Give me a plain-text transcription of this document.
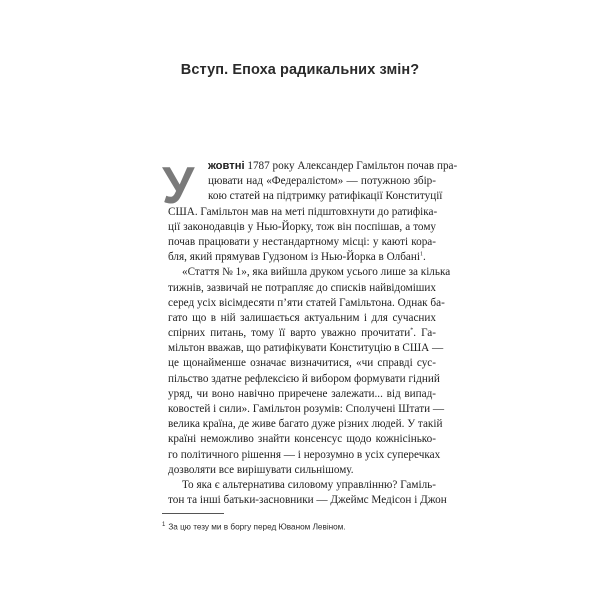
Вступ. Епоха радикальних змін?
У	жовтні 1787 року Александер Гамільтон почав пра-
цювати над «Федералістом» — потужною збір-
кою статей на підтримку ратифікації Конституції
США. Гамільтон мав на меті підштовхнути до ратифіка-
ції законодавців у Нью-Йорку, тож він поспішав, а тому
почав працювати у нестандартному місці: у каюті кора-
бля, який прямував Гудзоном із Нью-Йорка в Олбані$^1$.
«Стаття № 1», яка вийшла друком усього лише за кілька
тижнів, зазвичай не потрапляє до списків найвідоміших
серед усіх вісімдесяти п’яти статей Гамільтона. Однак ба-
гато що в ній залишається актуальним і для сучасних
спірних питань, тому її варто уважно прочитати*. Га-
мільтон вважав, що ратифікувати Конституцію в США —
це щонайменше означає визначитися, «чи справді сус-
пільство здатне рефлексією й вибором формувати гідний
уряд, чи воно навічно приречене залежати... від випад-
ковостей і сили». Гамільтон розумів: Сполучені Штати —
велика країна, де живе багато дуже різних людей. У такій
країні неможливо знайти консенсус щодо кожнісінько-
го політичного рішення — і нерозумно в усіх суперечках
дозволяти все вирішувати сильнішому.
То яка є альтернатива силовому управлінню? Гаміль-
тон та інші батьки-засновники — Джеймс Медісон і Джон
$^1$ За цю тезу ми в боргу перед Юваном Левіном.
